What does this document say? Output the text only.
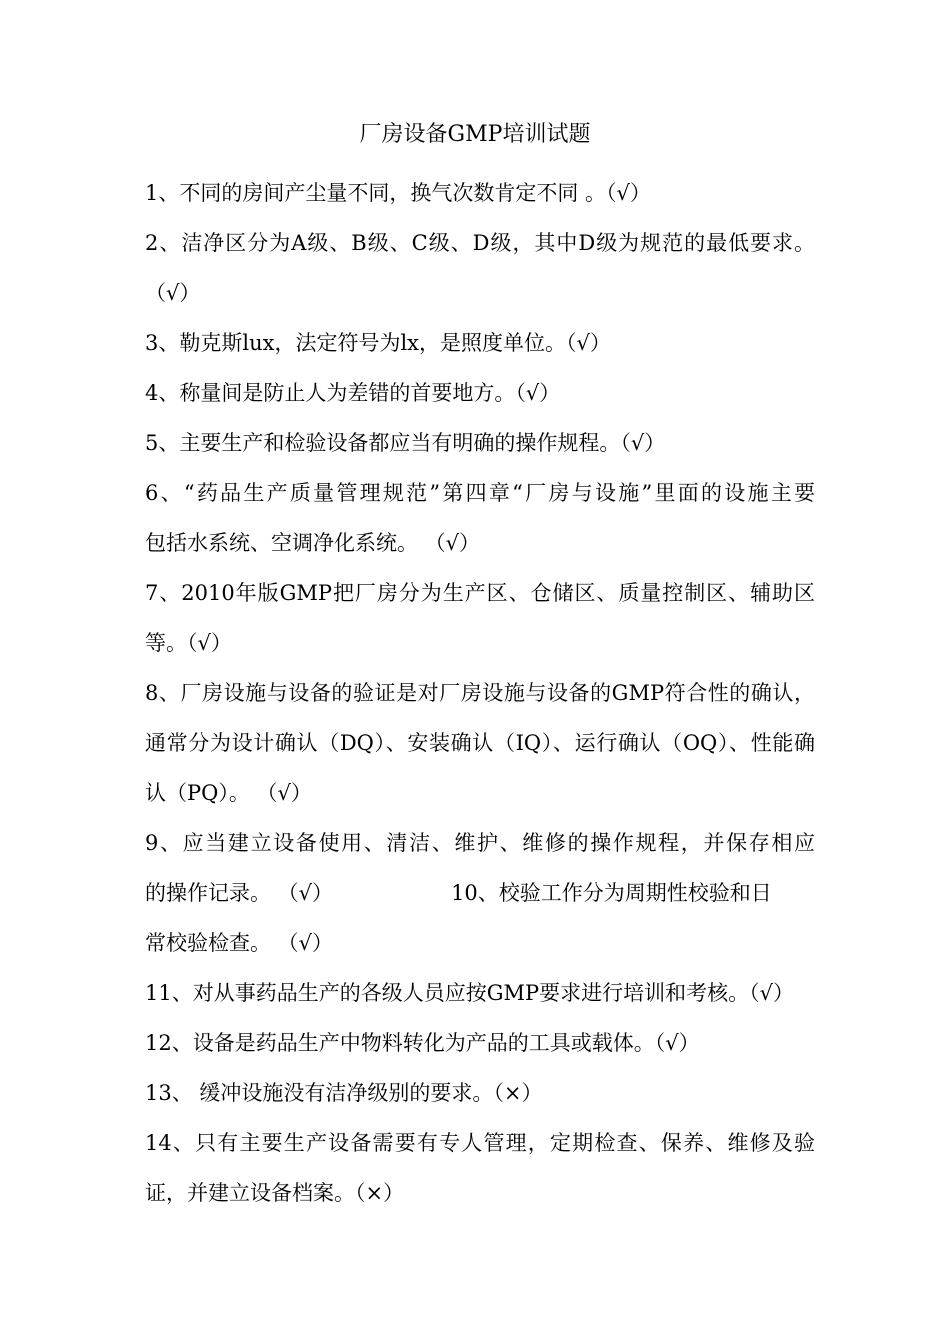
厂房设备GMP培训试题
1、不同的房间产尘量不同，换气次数肯定不同 。（√）
2、洁净区分为A级、B级、C级、D级，其中D级为规范的最低要求。
（√）
3、勒克斯lux，法定符号为lx，是照度单位。（√）
4、称量间是防止人为差错的首要地方。（√）
5、主要生产和检验设备都应当有明确的操作规程。（√）
6、“药品生产质量管理规范”第四章“厂房与设施”里面的设施主要
包括水系统、空调净化系统。 （√）
7、2010年版GMP把厂房分为生产区、仓储区、质量控制区、辅助区
等。（√）
8、厂房设施与设备的验证是对厂房设施与设备的GMP符合性的确认，
通常分为设计确认（DQ）、安装确认（IQ）、运行确认（OQ）、性能确
认（PQ）。 （√）
9、应当建立设备使用、清洁、维护、维修的操作规程，并保存相应
的操作记录。 （√）	10、校验工作分为周期性校验和日
常校验检查。 （√）
11、对从事药品生产的各级人员应按GMP要求进行培训和考核。（√）
12、设备是药品生产中物料转化为产品的工具或载体。（√）
13、 缓冲设施没有洁净级别的要求。（×）
14、只有主要生产设备需要有专人管理，定期检查、保养、维修及验
证，并建立设备档案。（×）
